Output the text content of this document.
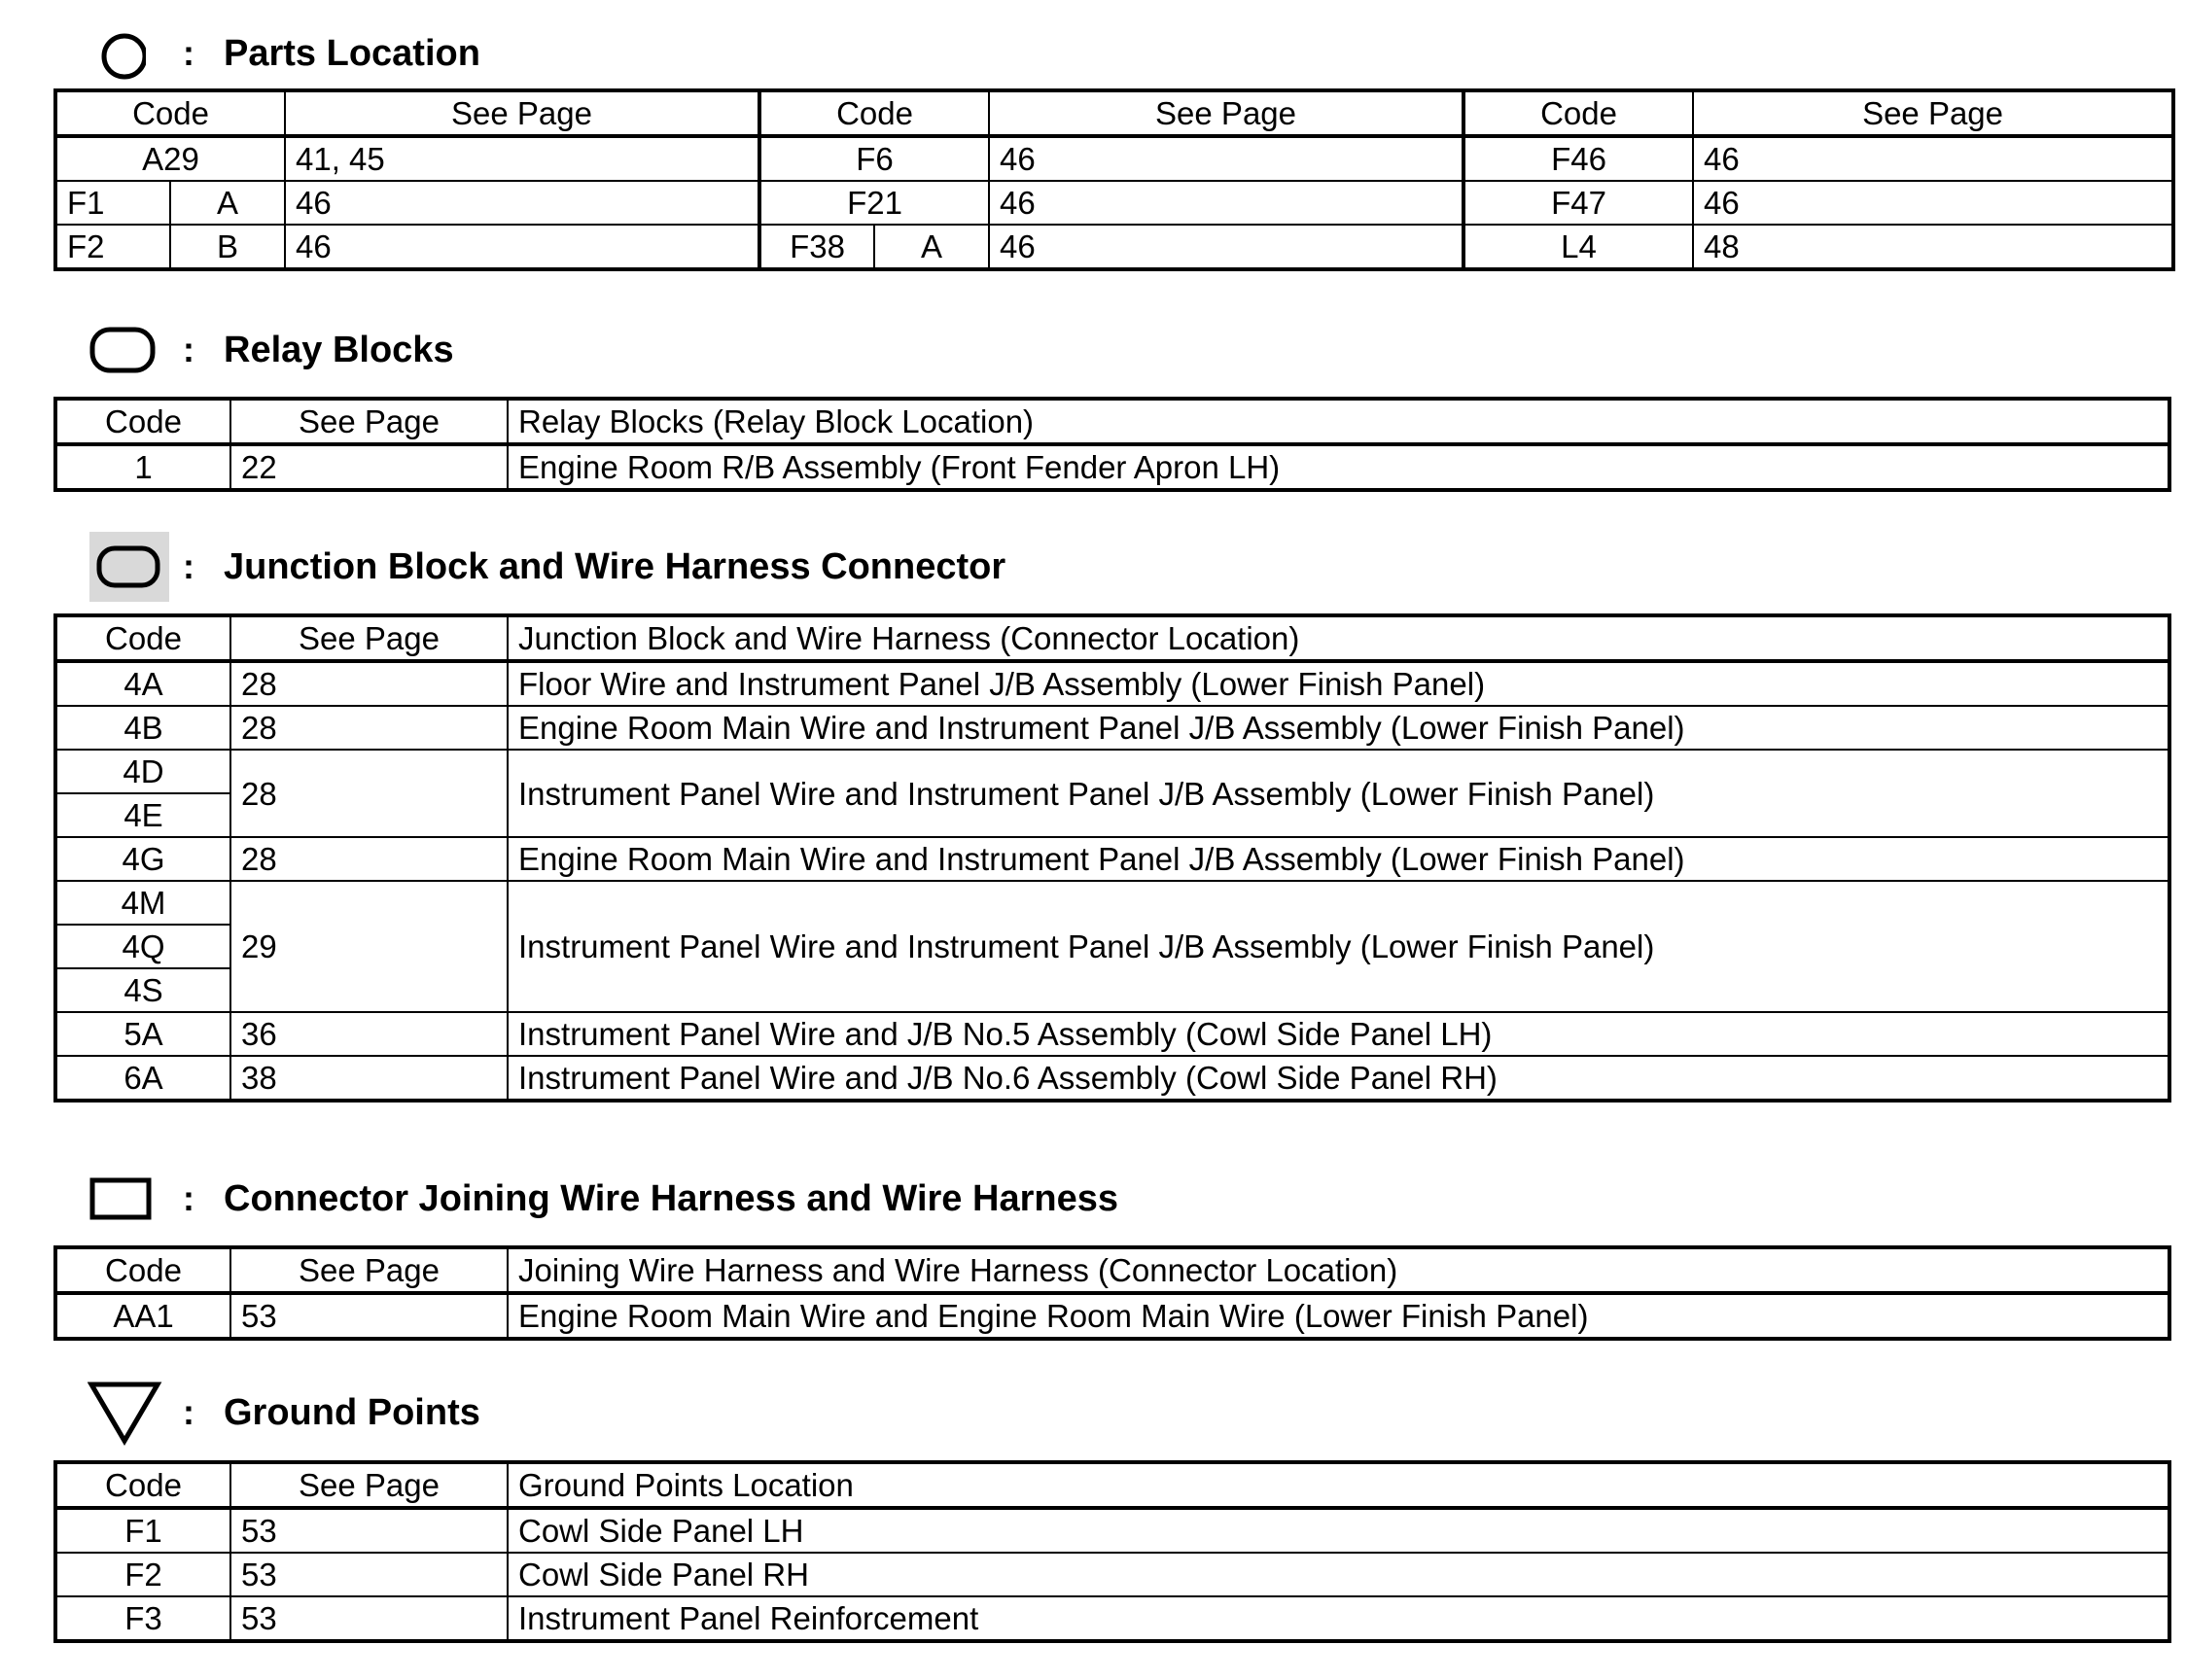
: Parts Location
Code		See Page	Code		See Page	Code	See Page
A29		41, 45	F6		46	F46	46
F1	A	46	F21		46	F47	46
F2	B	46	F38	A	46	L4	48
: Relay Blocks
Code	See Page	Relay Blocks (Relay Block Location)
1	22	Engine Room R/B Assembly (Front Fender Apron LH)
: Junction Block and Wire Harness Connector
Code	See Page	Junction Block and Wire Harness (Connector Location)
4A	28	Floor Wire and Instrument Panel J/B Assembly (Lower Finish Panel)
4B	28	Engine Room Main Wire and Instrument Panel J/B Assembly (Lower Finish Panel)
4D	28	Instrument Panel Wire and Instrument Panel J/B Assembly (Lower Finish Panel)
4E		
4G	28	Engine Room Main Wire and Instrument Panel J/B Assembly (Lower Finish Panel)
4M	29	Instrument Panel Wire and Instrument Panel J/B Assembly (Lower Finish Panel)
4Q		
4S		
5A	36	Instrument Panel Wire and J/B No.5 Assembly (Cowl Side Panel LH)
6A	38	Instrument Panel Wire and J/B No.6 Assembly (Cowl Side Panel RH)
: Connector Joining Wire Harness and Wire Harness
Code	See Page	Joining Wire Harness and Wire Harness (Connector Location)
AA1	53	Engine Room Main Wire and Engine Room Main Wire (Lower Finish Panel)
: Ground Points
Code	See Page	Ground Points Location
F1	53	Cowl Side Panel LH
F2	53	Cowl Side Panel RH
F3	53	Instrument Panel Reinforcement
